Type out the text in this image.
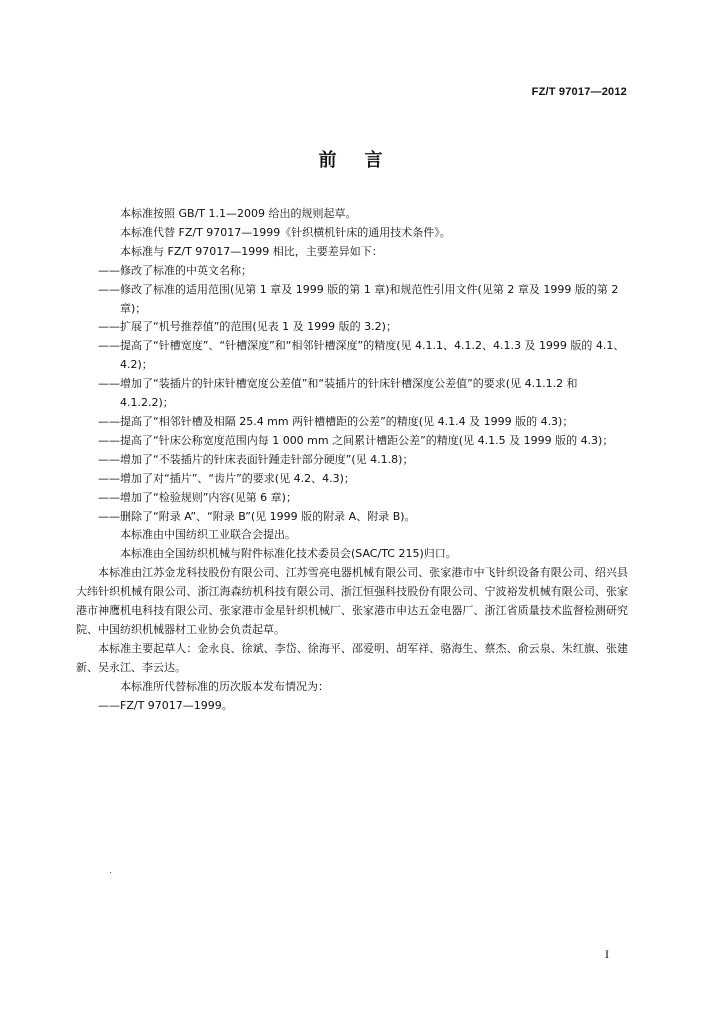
FZ/T 97017—2012
前言

本标准按照 GB/T 1.1—2009 给出的规则起草。

本标准代替 FZ/T 97017—1999《针织横机针床的通用技术条件》。

本标准与 FZ/T 97017—1999 相比，主要差异如下：

——修改了标准的中英文名称；

——修改了标准的适用范围(见第 1 章及 1999 版的第 1 章)和规范性引用文件(见第 2 章及 1999 版的第 2 章)；

——扩展了“机号推荐值”的范围(见表 1 及 1999 版的 3.2)；

——提高了“针槽宽度”、“针槽深度”和“相邻针槽深度”的精度(见 4.1.1、4.1.2、4.1.3 及 1999 版的 4.1、4.2)；

——增加了“装插片的针床针槽宽度公差值”和“装插片的针床针槽深度公差值”的要求(见 4.1.1.2 和 4.1.2.2)；

——提高了“相邻针槽及相隔 25.4 mm 两针槽槽距的公差”的精度(见 4.1.4 及 1999 版的 4.3)；

——提高了“针床公称宽度范围内每 1 000 mm 之间累计槽距公差”的精度(见 4.1.5 及 1999 版的 4.3)；

——增加了“不装插片的针床表面针踵走针部分硬度”(见 4.1.8)；

——增加了对“插片”、“齿片”的要求(见 4.2、4.3)；

——增加了“检验规则”内容(见第 6 章)；

——删除了“附录 A”、“附录 B”(见 1999 版的附录 A、附录 B)。

本标准由中国纺织工业联合会提出。

本标准由全国纺织机械与附件标准化技术委员会(SAC/TC 215)归口。

本标准由江苏金龙科技股份有限公司、江苏雪亮电器机械有限公司、张家港市中飞针织设备有限公司、绍兴县大纬针织机械有限公司、浙江海森纺机科技有限公司、浙江恒强科技股份有限公司、宁波裕发机械有限公司、张家港市神鹰机电科技有限公司、张家港市金星针织机械厂、张家港市申达五金电器厂、浙江省质量技术监督检测研究院、中国纺织机械器材工业协会负责起草。

本标准主要起草人：金永良、徐斌、李岱、徐海平、邵爱明、胡军祥、骆海生、蔡杰、俞云泉、朱红旗、张建新、吴永江、李云达。

本标准所代替标准的历次版本发布情况为：

——FZ/T 97017—1999。

I
